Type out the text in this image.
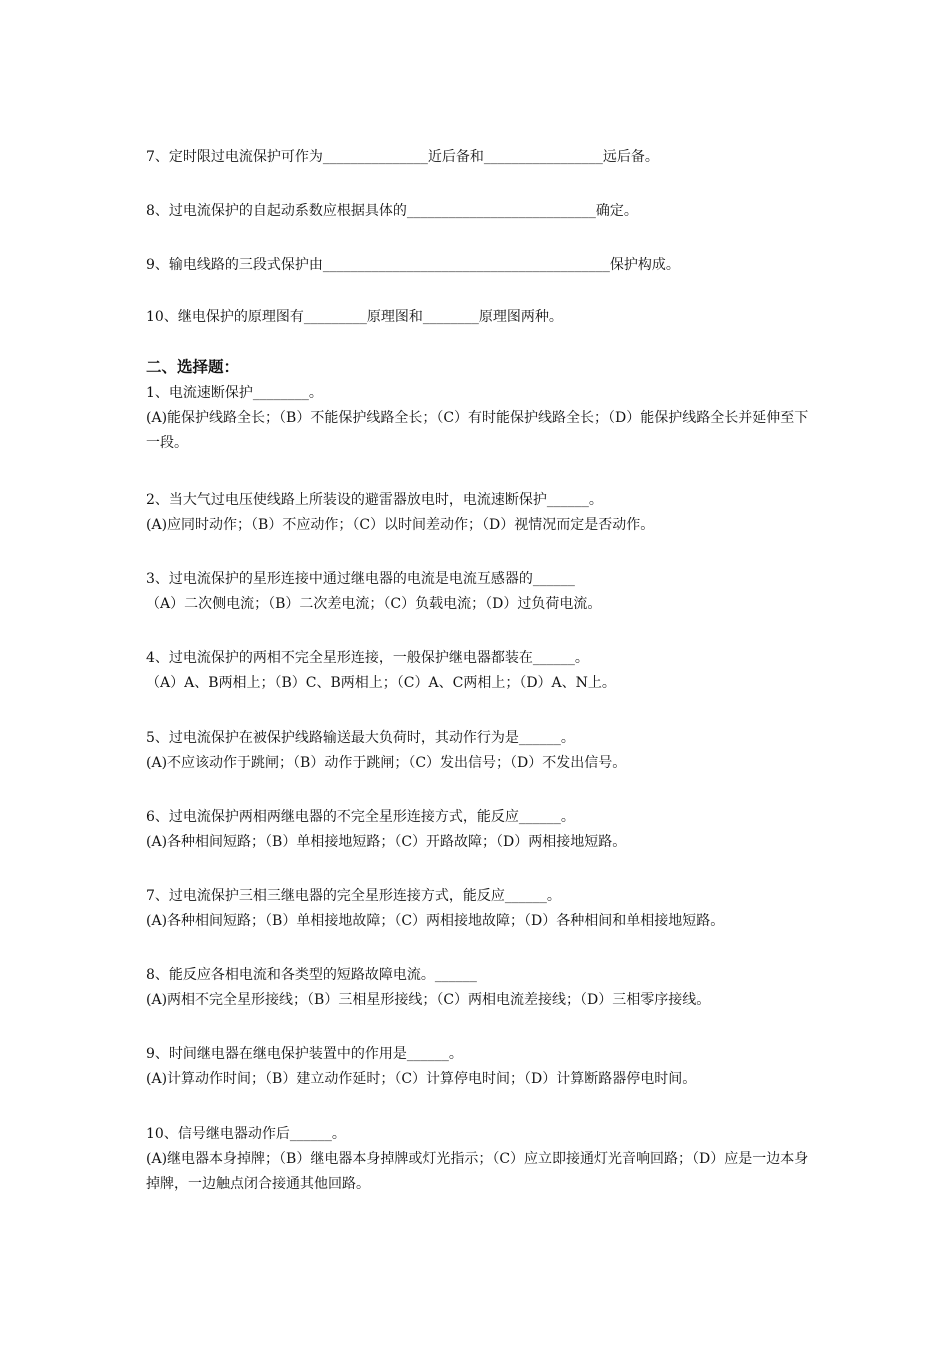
7、定时限过电流保护可作为_______________近后备和_________________远后备。
8、过电流保护的自起动系数应根据具体的___________________________确定。
9、输电线路的三段式保护由_________________________________________保护构成。
10、继电保护的原理图有_________原理图和________原理图两种。
二、选择题：
1、电流速断保护________。
(A)能保护线路全长；（B）不能保护线路全长；（C）有时能保护线路全长；（D）能保护线路全长并延伸至下一段。
2、当大气过电压使线路上所装设的避雷器放电时，电流速断保护______。
(A)应同时动作；（B）不应动作；（C）以时间差动作；（D）视情况而定是否动作。
3、过电流保护的星形连接中通过继电器的电流是电流互感器的______
（A）二次侧电流；（B）二次差电流；（C）负载电流；（D）过负荷电流。
4、过电流保护的两相不完全星形连接，一般保护继电器都装在______。
（A）A、B两相上；（B）C、B两相上；（C）A、C两相上；（D）A、N上。
5、过电流保护在被保护线路输送最大负荷时，其动作行为是______。
(A)不应该动作于跳闸；（B）动作于跳闸；（C）发出信号；（D）不发出信号。
6、过电流保护两相两继电器的不完全星形连接方式，能反应______。
(A)各种相间短路；（B）单相接地短路；（C）开路故障；（D）两相接地短路。
7、过电流保护三相三继电器的完全星形连接方式，能反应______。
(A)各种相间短路；（B）单相接地故障；（C）两相接地故障；（D）各种相间和单相接地短路。
8、能反应各相电流和各类型的短路故障电流。______
(A)两相不完全星形接线；（B）三相星形接线；（C）两相电流差接线；（D）三相零序接线。
9、时间继电器在继电保护装置中的作用是______。
(A)计算动作时间；（B）建立动作延时；（C）计算停电时间；（D）计算断路器停电时间。
10、信号继电器动作后______。
(A)继电器本身掉牌；（B）继电器本身掉牌或灯光指示；（C）应立即接通灯光音响回路；（D）应是一边本身掉牌，一边触点闭合接通其他回路。
